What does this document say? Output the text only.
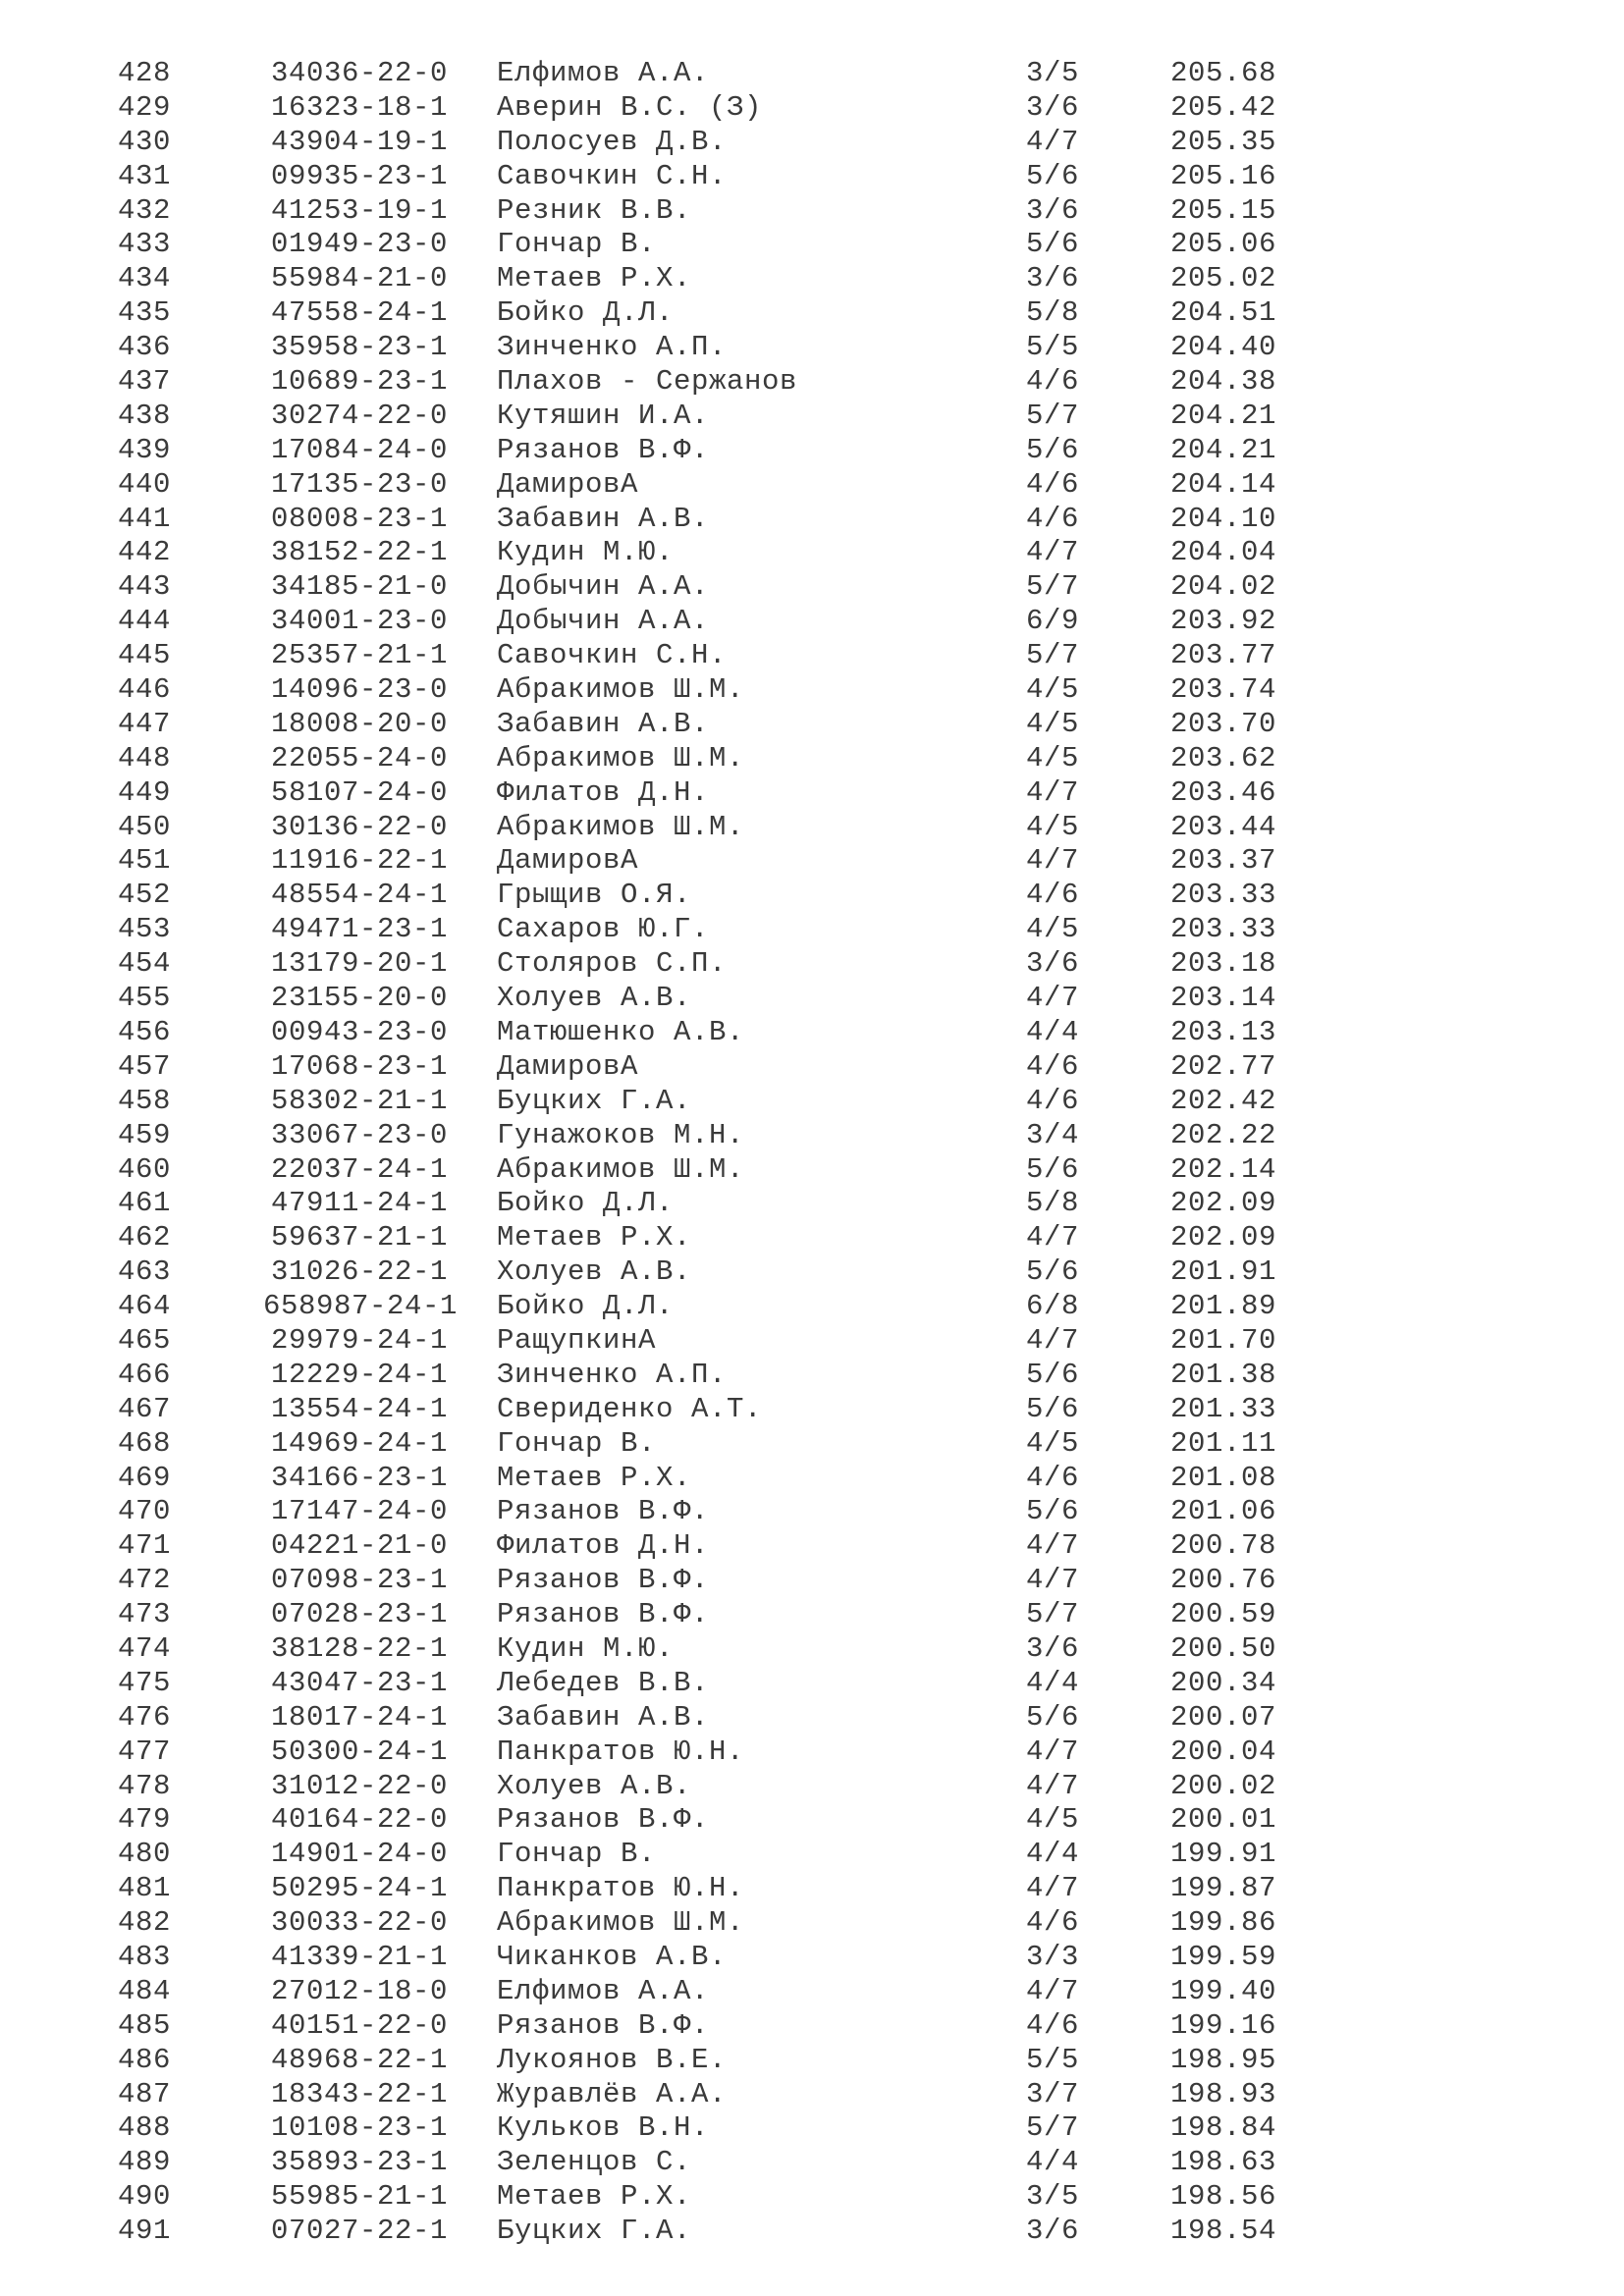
428	34036-22-0 Елфимов А.А.	3/5	205.68
429	16323-18-1 Аверин В.С. (З)	3/6	205.42
430	43904-19-1 Полосуев Д.В.	4/7	205.35
431	09935-23-1 Савочкин С.Н.	5/6	205.16
432	41253-19-1 Резник В.В.	3/6	205.15
433	01949-23-0 Гончар В.	5/6	205.06
434	55984-21-0 Метаев Р.Х.	3/6	205.02
435	47558-24-1 Бойко Д.Л.	5/8	204.51
436	35958-23-1 Зинченко А.П.	5/5	204.40
437	10689-23-1 Плахов - Сержанов	4/6	204.38
438	30274-22-0 Кутяшин И.А.	5/7	204.21
439	17084-24-0 Рязанов В.Ф.	5/6	204.21
440	17135-23-0 ДамировА	4/6	204.14
441	08008-23-1 Забавин А.В.	4/6	204.10
442	38152-22-1 Кудин М.Ю.	4/7	204.04
443	34185-21-0 Добычин А.А.	5/7	204.02
444	34001-23-0 Добычин А.А.	6/9	203.92
445	25357-21-1 Савочкин С.Н.	5/7	203.77
446	14096-23-0 Абракимов Ш.М.	4/5	203.74
447	18008-20-0 Забавин А.В.	4/5	203.70
448	22055-24-0 Абракимов Ш.М.	4/5	203.62
449	58107-24-0 Филатов Д.Н.	4/7	203.46
450	30136-22-0 Абракимов Ш.М.	4/5	203.44
451	11916-22-1 ДамировА	4/7	203.37
452	48554-24-1 Грыщив О.Я.	4/6	203.33
453	49471-23-1 Сахаров Ю.Г.	4/5	203.33
454	13179-20-1 Столяров С.П.	3/6	203.18
455	23155-20-0 Холуев А.В.	4/7	203.14
456	00943-23-0 Матюшенко А.В.	4/4	203.13
457	17068-23-1 ДамировА	4/6	202.77
458	58302-21-1 Буцких Г.А.	4/6	202.42
459	33067-23-0 Гунажоков М.Н.	3/4	202.22
460	22037-24-1 Абракимов Ш.М.	5/6	202.14
461	47911-24-1 Бойко Д.Л.	5/8	202.09
462	59637-21-1 Метаев Р.Х.	4/7	202.09
463	31026-22-1 Холуев А.В.	5/6	201.91
464	658987-24-1 Бойко Д.Л.	6/8	201.89
465	29979-24-1 РащупкинА	4/7	201.70
466	12229-24-1 Зинченко А.П.	5/6	201.38
467	13554-24-1 Свериденко А.Т.	5/6	201.33
468	14969-24-1 Гончар В.	4/5	201.11
469	34166-23-1 Метаев Р.Х.	4/6	201.08
470	17147-24-0 Рязанов В.Ф.	5/6	201.06
471	04221-21-0 Филатов Д.Н.	4/7	200.78
472	07098-23-1 Рязанов В.Ф.	4/7	200.76
473	07028-23-1 Рязанов В.Ф.	5/7	200.59
474	38128-22-1 Кудин М.Ю.	3/6	200.50
475	43047-23-1 Лебедев В.В.	4/4	200.34
476	18017-24-1 Забавин А.В.	5/6	200.07
477	50300-24-1 Панкратов Ю.Н.	4/7	200.04
478	31012-22-0 Холуев А.В.	4/7	200.02
479	40164-22-0 Рязанов В.Ф.	4/5	200.01
480	14901-24-0 Гончар В.	4/4	199.91
481	50295-24-1 Панкратов Ю.Н.	4/7	199.87
482	30033-22-0 Абракимов Ш.М.	4/6	199.86
483	41339-21-1 Чиканков А.В.	3/3	199.59
484	27012-18-0 Елфимов А.А.	4/7	199.40
485	40151-22-0 Рязанов В.Ф.	4/6	199.16
486	48968-22-1 Лукоянов В.Е.	5/5	198.95
487	18343-22-1 Журавлёв А.А.	3/7	198.93
488	10108-23-1 Кульков В.Н.	5/7	198.84
489	35893-23-1 Зеленцов С.	4/4	198.63
490	55985-21-1 Метаев Р.Х.	3/5	198.56
491	07027-22-1 Буцких Г.А.	3/6	198.54
